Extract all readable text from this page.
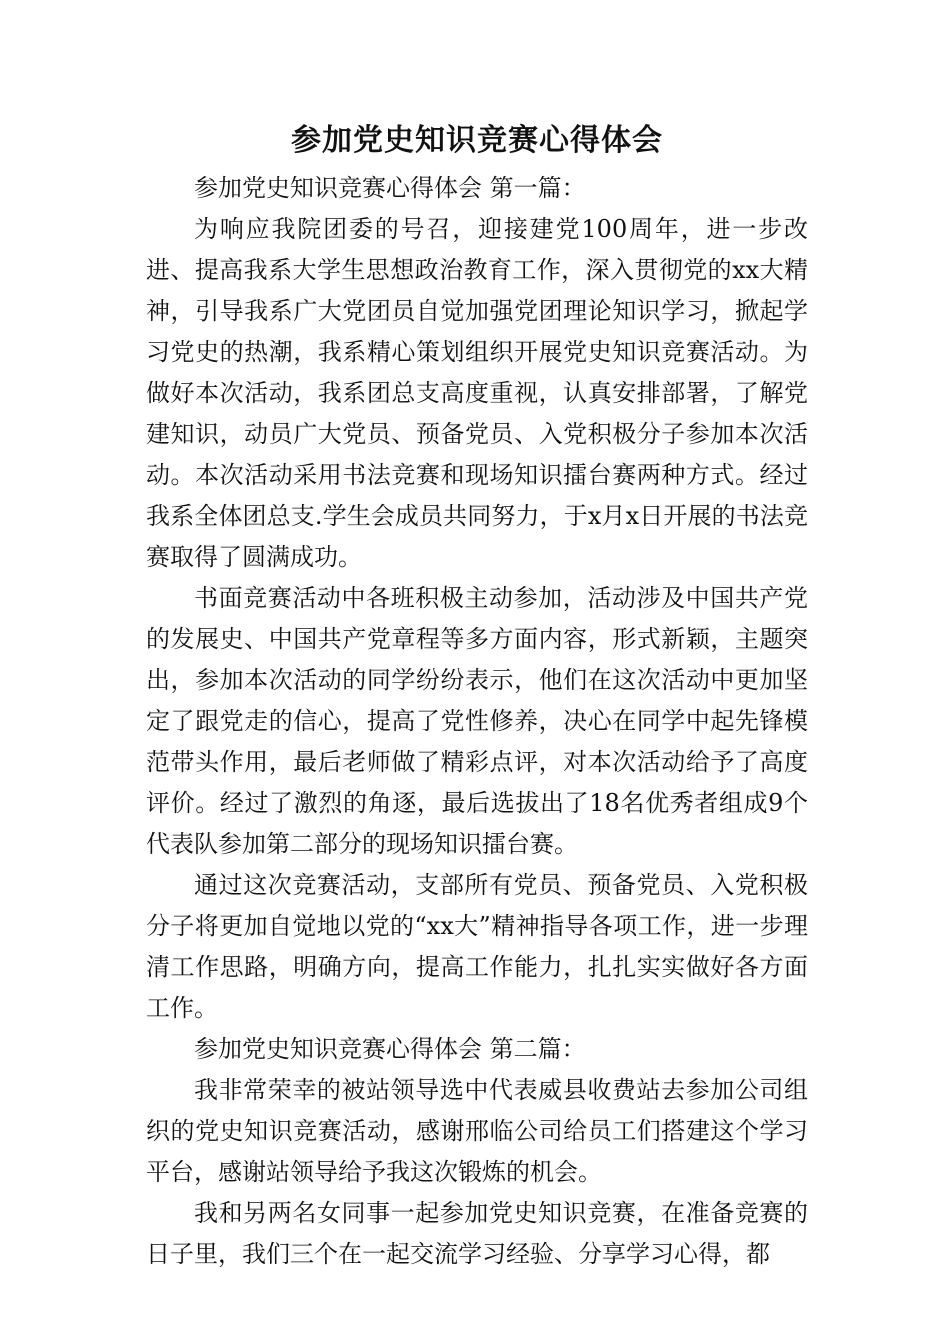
参加党史知识竞赛心得体会

参加党史知识竞赛心得体会 第一篇：

为响应我院团委的号召，迎接建党100周年，进一步改进、提高我系大学生思想政治教育工作，深入贯彻党的xx大精神，引导我系广大党团员自觉加强党团理论知识学习，掀起学习党史的热潮，我系精心策划组织开展党史知识竞赛活动。为做好本次活动，我系团总支高度重视，认真安排部署，了解党建知识，动员广大党员、预备党员、入党积极分子参加本次活动。本次活动采用书法竞赛和现场知识擂台赛两种方式。经过我系全体团总支.学生会成员共同努力，于x月x日开展的书法竞赛取得了圆满成功。

书面竞赛活动中各班积极主动参加，活动涉及中国共产党的发展史、中国共产党章程等多方面内容，形式新颖，主题突出，参加本次活动的同学纷纷表示，他们在这次活动中更加坚定了跟党走的信心，提高了党性修养，决心在同学中起先锋模范带头作用，最后老师做了精彩点评，对本次活动给予了高度评价。经过了激烈的角逐，最后选拔出了18名优秀者组成9个代表队参加第二部分的现场知识擂台赛。

通过这次竞赛活动，支部所有党员、预备党员、入党积极分子将更加自觉地以党的“xx大”精神指导各项工作，进一步理清工作思路，明确方向，提高工作能力，扎扎实实做好各方面工作。

参加党史知识竞赛心得体会 第二篇：

我非常荣幸的被站领导选中代表威县收费站去参加公司组织的党史知识竞赛活动，感谢邢临公司给员工们搭建这个学习平台，感谢站领导给予我这次锻炼的机会。

我和另两名女同事一起参加党史知识竞赛，在准备竞赛的日子里，我们三个在一起交流学习经验、分享学习心得，都
